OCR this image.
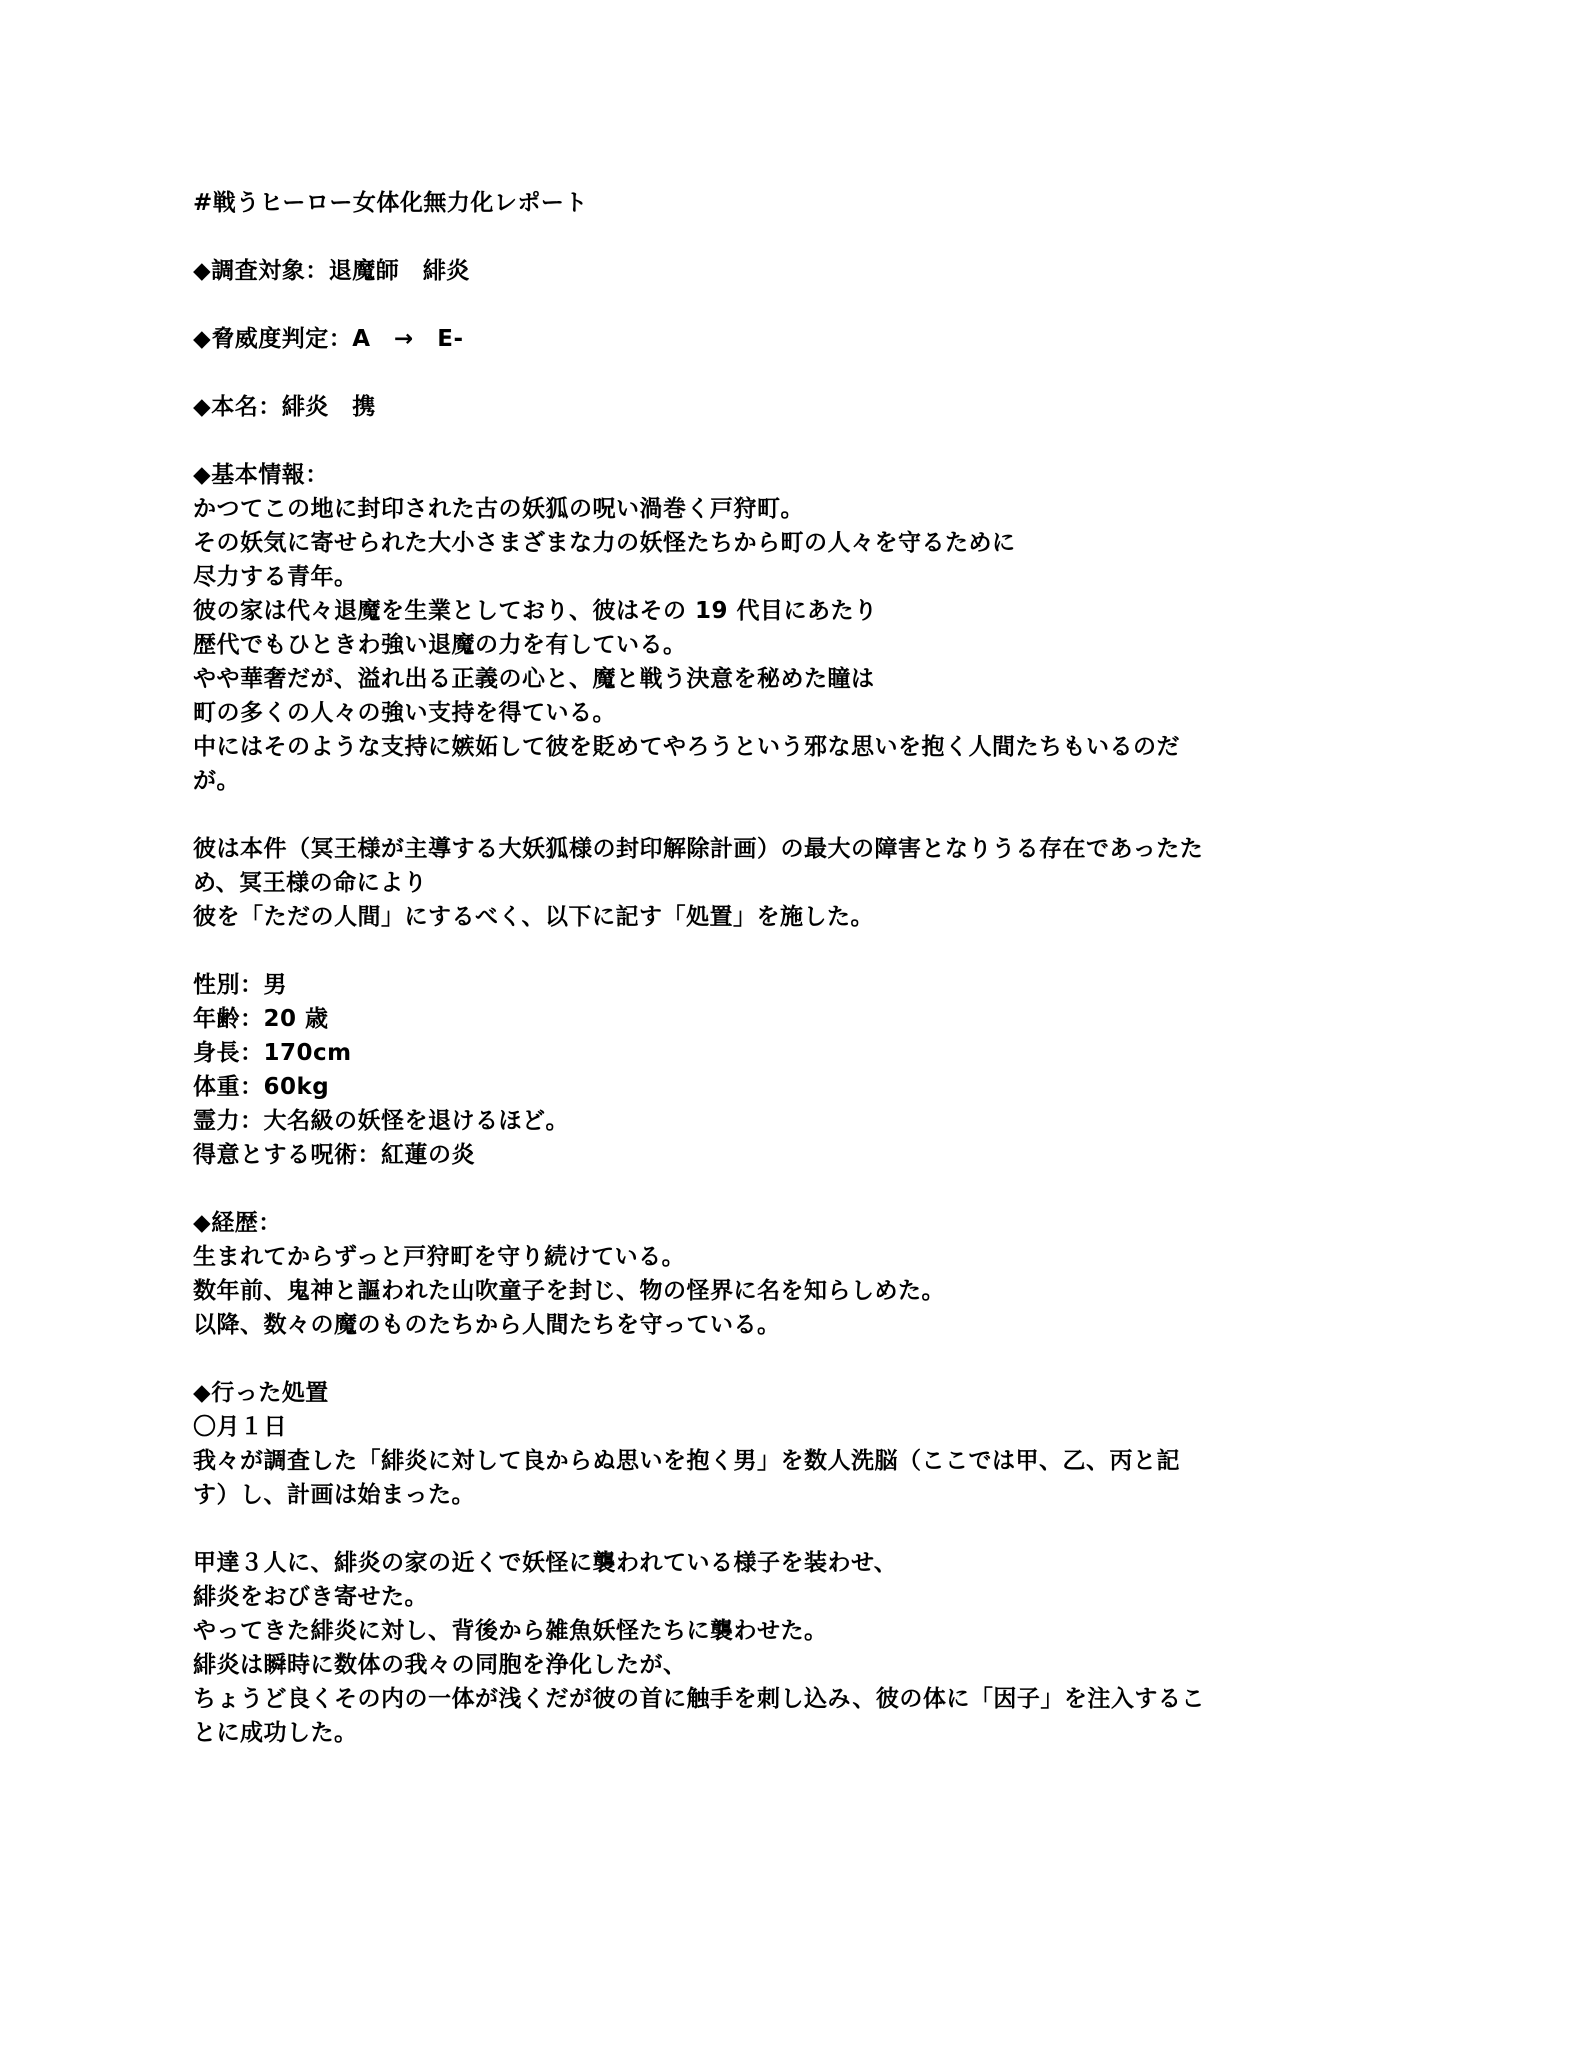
#戦うヒーロー女体化無力化レポート
◆調査対象：退魔師　緋炎
◆脅威度判定：A　→　E-
◆本名：緋炎　携
◆基本情報：
かつてこの地に封印された古の妖狐の呪い渦巻く戸狩町。
その妖気に寄せられた大小さまざまな力の妖怪たちから町の人々を守るために
尽力する青年。
彼の家は代々退魔を生業としており、彼はその 19 代目にあたり
歴代でもひときわ強い退魔の力を有している。
やや華奢だが、溢れ出る正義の心と、魔と戦う決意を秘めた瞳は
町の多くの人々の強い支持を得ている。
中にはそのような支持に嫉妬して彼を貶めてやろうという邪な思いを抱く人間たちもいるのだ
が。
彼は本件（冥王様が主導する大妖狐様の封印解除計画）の最大の障害となりうる存在であったた
め、冥王様の命により
彼を「ただの人間」にするべく、以下に記す「処置」を施した。
性別：男
年齢：20 歳
身長：170cm
体重：60kg
霊力：大名級の妖怪を退けるほど。
得意とする呪術：紅蓮の炎
◆経歴：
生まれてからずっと戸狩町を守り続けている。
数年前、鬼神と謳われた山吹童子を封じ、物の怪界に名を知らしめた。
以降、数々の魔のものたちから人間たちを守っている。
◆行った処置
〇月１日
我々が調査した「緋炎に対して良からぬ思いを抱く男」を数人洗脳（ここでは甲、乙、丙と記
す）し、計画は始まった。
甲達３人に、緋炎の家の近くで妖怪に襲われている様子を装わせ、
緋炎をおびき寄せた。
やってきた緋炎に対し、背後から雑魚妖怪たちに襲わせた。
緋炎は瞬時に数体の我々の同胞を浄化したが、
ちょうど良くその内の一体が浅くだが彼の首に触手を刺し込み、彼の体に「因子」を注入するこ
とに成功した。
